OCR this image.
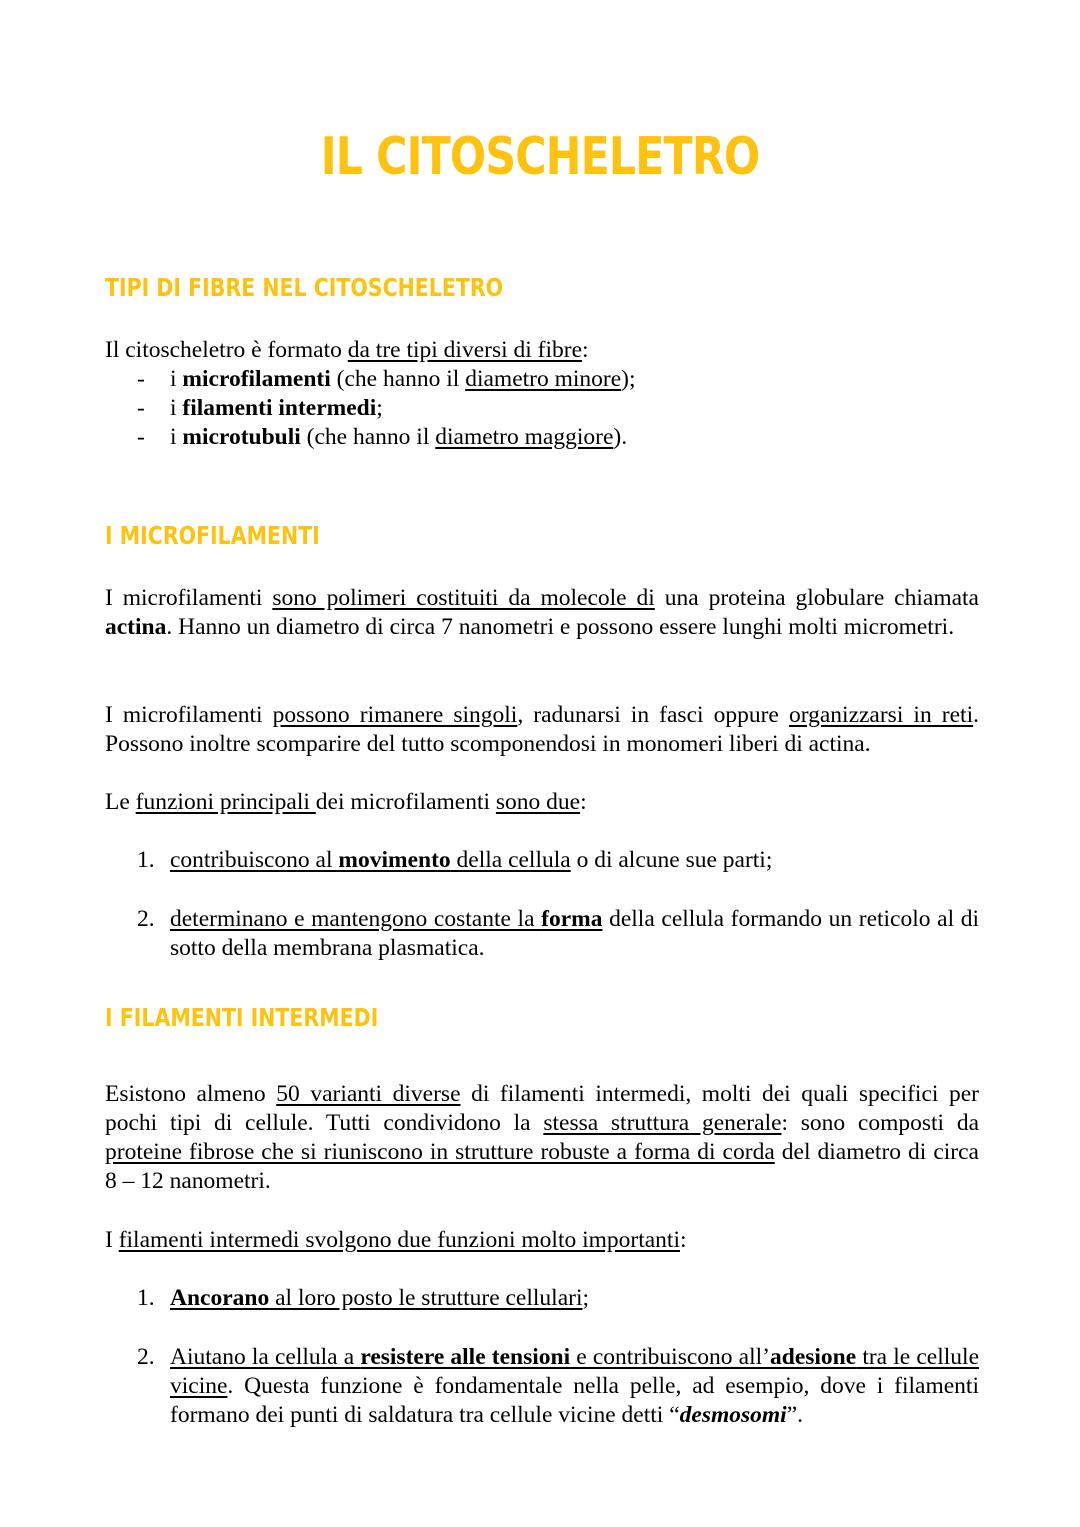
IL CITOSCHELETRO
TIPI DI FIBRE NEL CITOSCHELETRO
Il citoscheletro è formato da tre tipi diversi di fibre:
- i microfilamenti (che hanno il diametro minore);
- i filamenti intermedi;
- i microtubuli (che hanno il diametro maggiore).
I MICROFILAMENTI
I microfilamenti sono polimeri costituiti da molecole di una proteina globulare chiamata actina. Hanno un diametro di circa 7 nanometri e possono essere lunghi molti micrometri.
I microfilamenti possono rimanere singoli, radunarsi in fasci oppure organizzarsi in reti. Possono inoltre scomparire del tutto scomponendosi in monomeri liberi di actina.
Le funzioni principali dei microfilamenti sono due:
1. contribuiscono al movimento della cellula o di alcune sue parti;
2. determinano e mantengono costante la forma della cellula formando un reticolo al di sotto della membrana plasmatica.
I FILAMENTI INTERMEDI
Esistono almeno 50 varianti diverse di filamenti intermedi, molti dei quali specifici per pochi tipi di cellule. Tutti condividono la stessa struttura generale: sono composti da proteine fibrose che si riuniscono in strutture robuste a forma di corda del diametro di circa 8 – 12 nanometri.
I filamenti intermedi svolgono due funzioni molto importanti:
1. Ancorano al loro posto le strutture cellulari;
2. Aiutano la cellula a resistere alle tensioni e contribuiscono all’adesione tra le cellule vicine. Questa funzione è fondamentale nella pelle, ad esempio, dove i filamenti formano dei punti di saldatura tra cellule vicine detti “desmosomi”.
